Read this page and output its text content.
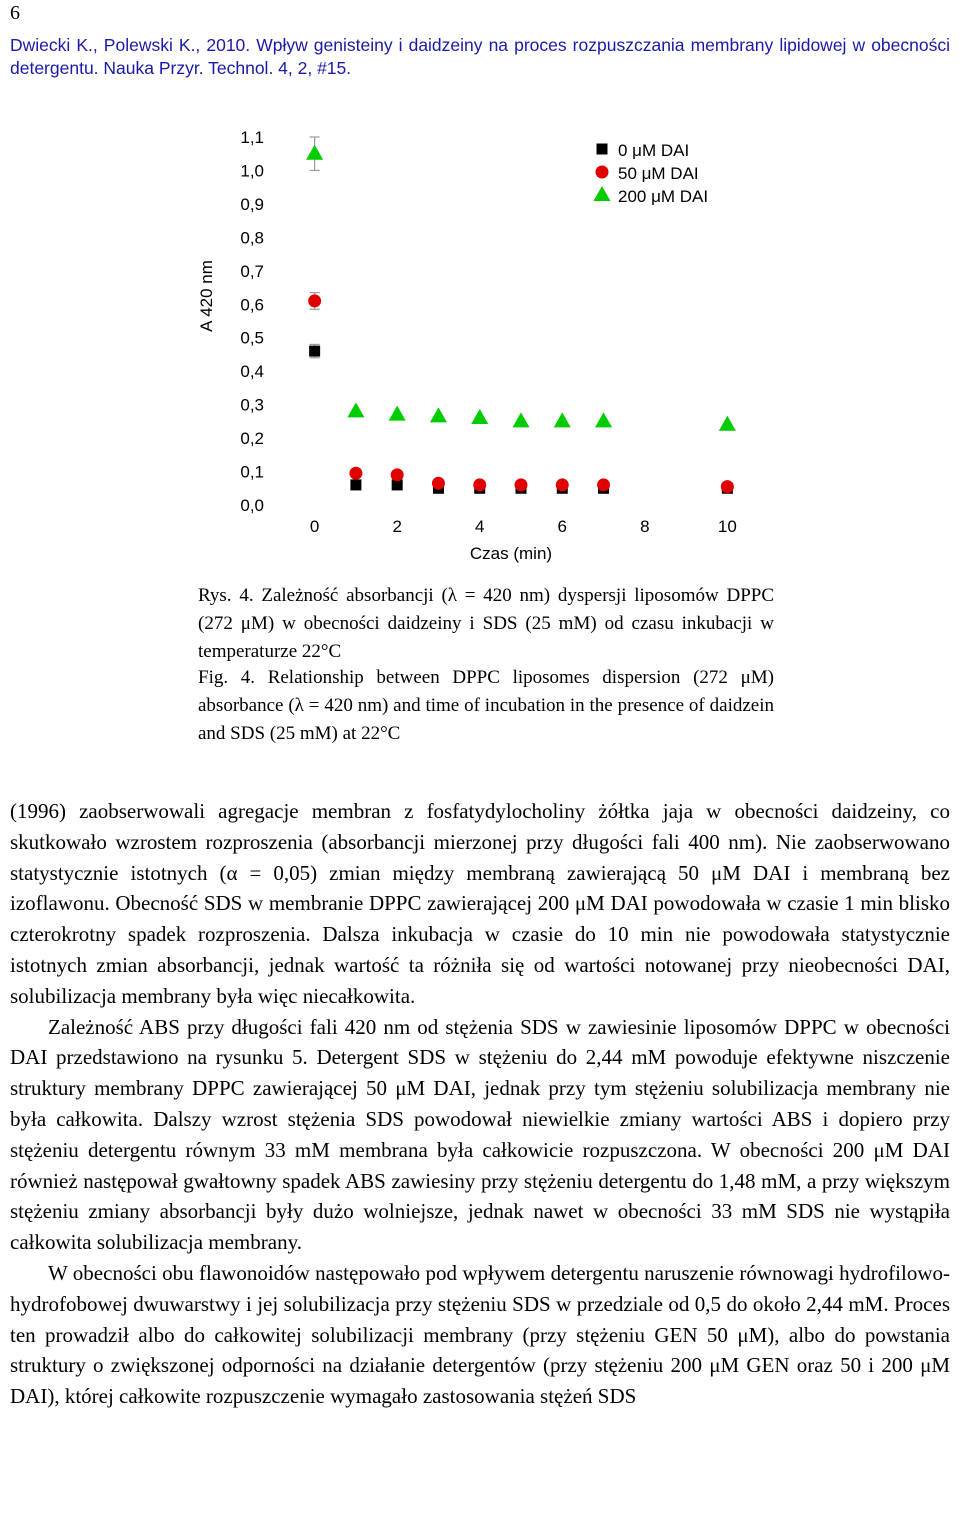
6
Dwiecki K., Polewski K., 2010. Wpływ genisteiny i daidzeiny na proces rozpuszczania membrany lipidowej w obecności detergentu. Nauka Przyr. Technol. 4, 2, #15.
0,0
0,1
0,2
0,3
0,4
0,5
0,6
0,7
0,8
0,9
1,0
1,1
0	2	4	6	8	10
A 420 nm
Czas (min)
0 μM DAI
50 μM DAI
200 μM DAI
Rys. 4. Zależność absorbancji (λ = 420 nm) dyspersji liposomów DPPC (272 μM) w obecności daidzeiny i SDS (25 mM) od czasu inkubacji w temperaturze 22°C
Fig. 4. Relationship between DPPC liposomes dispersion (272 μM) absorbance (λ = 420 nm) and time of incubation in the presence of daidzein and SDS (25 mM) at 22°C

(1996) zaobserwowali agregacje membran z fosfatydylocholiny żółtka jaja w obecności daidzeiny, co skutkowało wzrostem rozproszenia (absorbancji mierzonej przy długości fali 400 nm). Nie zaobserwowano statystycznie istotnych (α = 0,05) zmian między membraną zawierającą 50 μM DAI i membraną bez izoflawonu. Obecność SDS w membranie DPPC zawierającej 200 μM DAI powodowała w czasie 1 min blisko czterokrotny spadek rozproszenia. Dalsza inkubacja w czasie do 10 min nie powodowała statystycznie istotnych zmian absorbancji, jednak wartość ta różniła się od wartości notowanej przy nieobecności DAI, solubilizacja membrany była więc niecałkowita.

Zależność ABS przy długości fali 420 nm od stężenia SDS w zawiesinie liposomów DPPC w obecności DAI przedstawiono na rysunku 5. Detergent SDS w stężeniu do 2,44 mM powoduje efektywne niszczenie struktury membrany DPPC zawierającej 50 μM DAI, jednak przy tym stężeniu solubilizacja membrany nie była całkowita. Dalszy wzrost stężenia SDS powodował niewielkie zmiany wartości ABS i dopiero przy stężeniu detergentu równym 33 mM membrana była całkowicie rozpuszczona. W obecności 200 μM DAI również następował gwałtowny spadek ABS zawiesiny przy stężeniu detergentu do 1,48 mM, a przy większym stężeniu zmiany absorbancji były dużo wolniejsze, jednak nawet w obecności 33 mM SDS nie wystąpiła całkowita solubilizacja membrany.

W obecności obu flawonoidów następowało pod wpływem detergentu naruszenie równowagi hydrofilowo-hydrofobowej dwuwarstwy i jej solubilizacja przy stężeniu SDS w przedziale od 0,5 do około 2,44 mM. Proces ten prowadził albo do całkowitej solubilizacji membrany (przy stężeniu GEN 50 μM), albo do powstania struktury o zwiększonej odporności na działanie detergentów (przy stężeniu 200 μM GEN oraz 50 i 200 μM DAI), której całkowite rozpuszczenie wymagało zastosowania stężeń SDS
